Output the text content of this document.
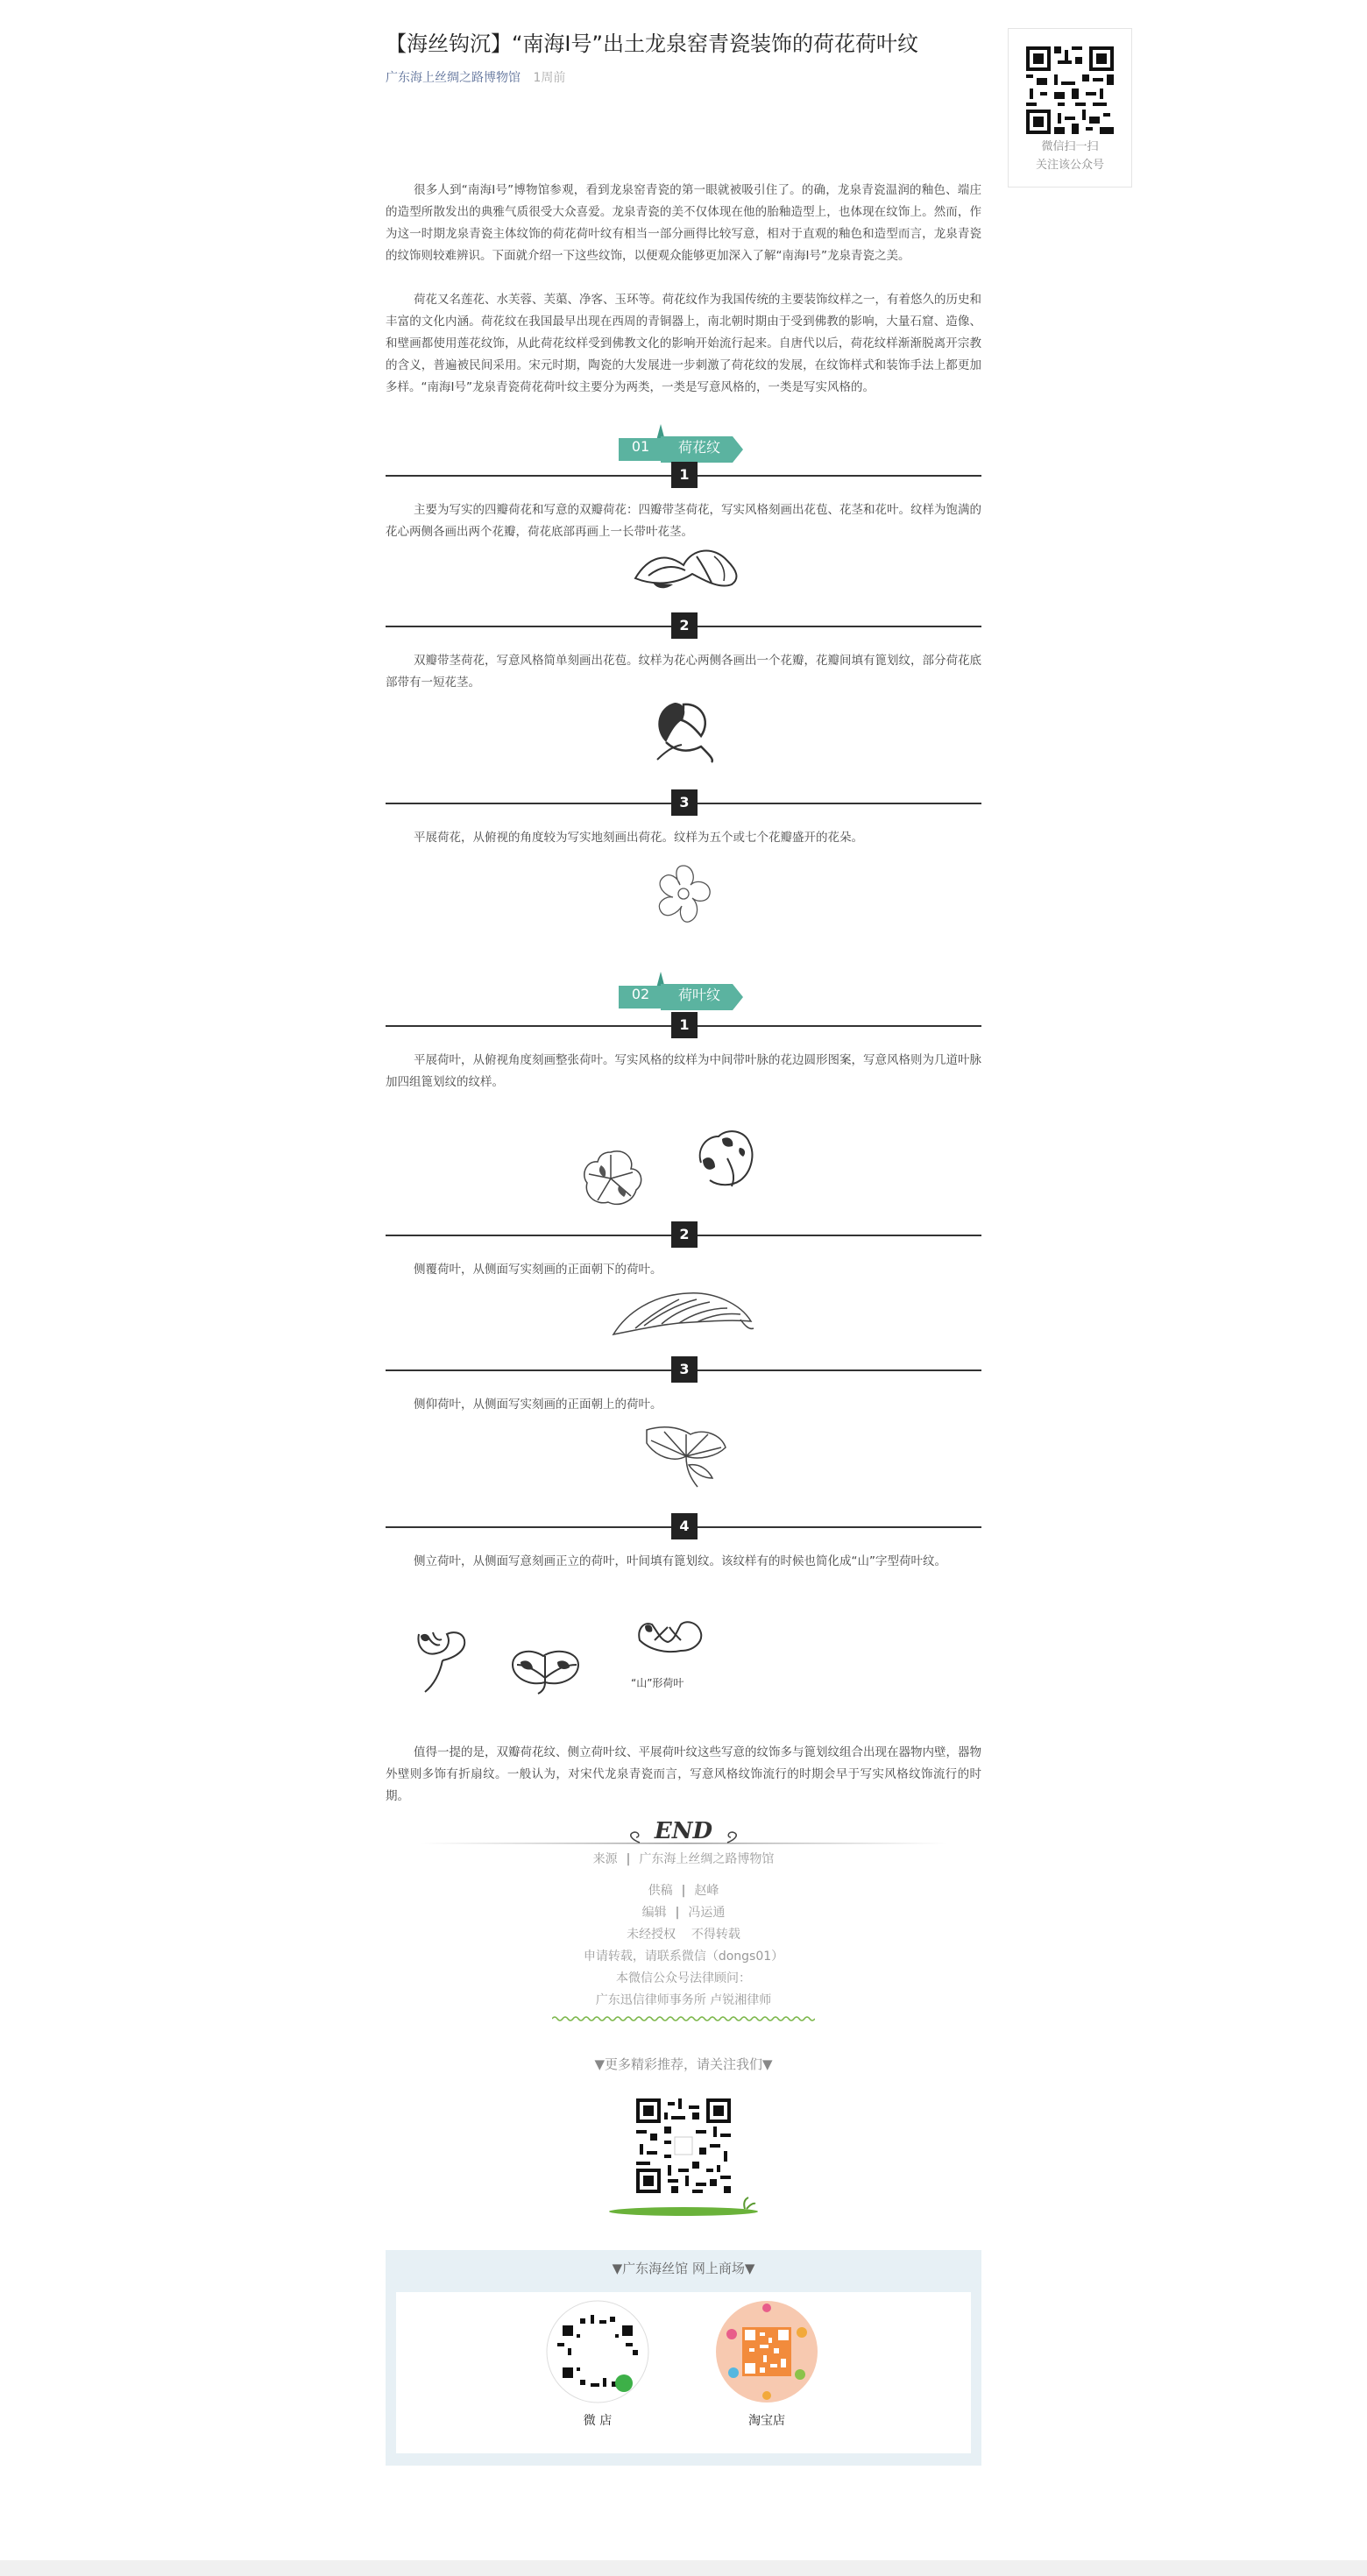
【海丝钩沉】“南海Ⅰ号”出土龙泉窑青瓷装饰的荷花荷叶纹
广东海上丝绸之路博物馆 1周前

很多人到“南海Ⅰ号”博物馆参观，看到龙泉窑青瓷的第一眼就被吸引住了。的确，龙泉青瓷温润的釉色、端庄的造型所散发出的典雅气质很受大众喜爱。龙泉青瓷的美不仅体现在他的胎釉造型上，也体现在纹饰上。然而，作为这一时期龙泉青瓷主体纹饰的荷花荷叶纹有相当一部分画得比较写意，相对于直观的釉色和造型而言，龙泉青瓷的纹饰则较难辨识。下面就介绍一下这些纹饰，以便观众能够更加深入了解“南海Ⅰ号”龙泉青瓷之美。

荷花又名莲花、水芙蓉、芙蕖、净客、玉环等。荷花纹作为我国传统的主要装饰纹样之一，有着悠久的历史和丰富的文化内涵。荷花纹在我国最早出现在西周的青铜器上，南北朝时期由于受到佛教的影响，大量石窟、造像、和壁画都使用莲花纹饰，从此荷花纹样受到佛教文化的影响开始流行起来。自唐代以后，荷花纹样渐渐脱离开宗教的含义，普遍被民间采用。宋元时期，陶瓷的大发展进一步刺激了荷花纹的发展，在纹饰样式和装饰手法上都更加多样。“南海Ⅰ号”龙泉青瓷荷花荷叶纹主要分为两类，一类是写意风格的，一类是写实风格的。

01	荷花纹
1

主要为写实的四瓣荷花和写意的双瓣荷花：四瓣带茎荷花，写实风格刻画出花苞、花茎和花叶。纹样为饱满的花心两侧各画出两个花瓣，荷花底部再画上一长带叶花茎。

2

双瓣带茎荷花，写意风格简单刻画出花苞。纹样为花心两侧各画出一个花瓣，花瓣间填有篦划纹，部分荷花底部带有一短花茎。

3

平展荷花，从俯视的角度较为写实地刻画出荷花。纹样为五个或七个花瓣盛开的花朵。

02	荷叶纹
1

平展荷叶，从俯视角度刻画整张荷叶。写实风格的纹样为中间带叶脉的花边圆形图案，写意风格则为几道叶脉加四组篦划纹的纹样。

2

侧覆荷叶，从侧面写实刻画的正面朝下的荷叶。

3

侧仰荷叶，从侧面写实刻画的正面朝上的荷叶。

4

侧立荷叶，从侧面写意刻画正立的荷叶，叶间填有篦划纹。该纹样有的时候也简化成“山”字型荷叶纹。

“山”形荷叶

值得一提的是，双瓣荷花纹、侧立荷叶纹、平展荷叶纹这些写意的纹饰多与篦划纹组合出现在器物内壁，器物外壁则多饰有折扇纹。一般认为，对宋代龙泉青瓷而言，写意风格纹饰流行的时期会早于写实风格纹饰流行的时期。

END
来源 | 广东海上丝绸之路博物馆
供稿 | 赵峰
编辑 | 冯运通
未经授权 不得转载
申请转载，请联系微信（dongs01）
本微信公众号法律顾问：
广东迅信律师事务所 卢锐湘律师
▼更多精彩推荐，请关注我们▼
▼广东海丝馆 网上商场▼
微 店	淘宝店
微信扫一扫
关注该公众号
